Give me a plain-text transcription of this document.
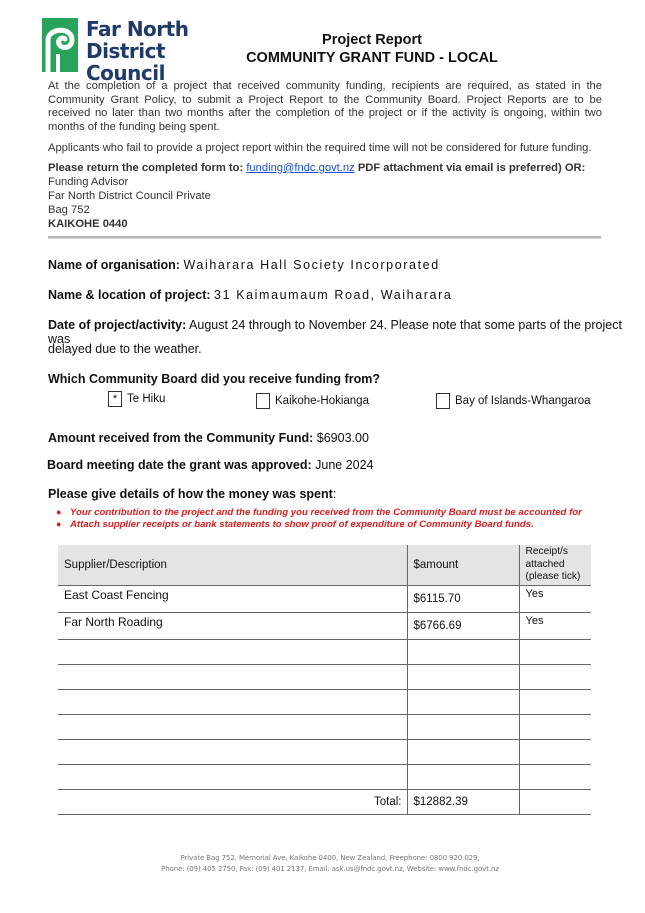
Far North
District Council
Project Report
COMMUNITY GRANT FUND - LOCAL
At the completion of a project that received community funding, recipients are required, as stated in the Community Grant Policy, to submit a Project Report to the Community Board. Project Reports are to be received no later than two months after the completion of the project or if the activity is ongoing, within two months of the funding being spent.
Applicants who fail to provide a project report within the required time will not be considered for future funding.
Please return the completed form to: funding@fndc.govt.nz PDF attachment via email is preferred) OR:
Funding Advisor
Far North District Council Private
Bag 752
KAIKOHE 0440
Name of organisation: Waiharara Hall Society Incorporated
Name & location of project: 31 Kaimaumaum Road, Waiharara
Date of project/activity: August 24 through to November 24. Please note that some parts of the project was
delayed due to the weather.
Which Community Board did you receive funding from?
* Te Hiku	Kaikohe-Hokianga	Bay of Islands-Whangaroa
Amount received from the Community Fund: $6903.00
Board meeting date the grant was approved: June 2024
Please give details of how the money was spent:
● Your contribution to the project and the funding you received from the Community Board must be accounted for
● Attach supplier receipts or bank statements to show proof of expenditure of Community Board funds.
Supplier/Description	$amount	Receipt/s
attached
(please tick)

East Coast Fencing	$6115.70	Yes
Far North Roading	$6766.69	Yes

Total:	$12882.39	
Private Bag 752, Memorial Ave, Kaikohe 0400, New Zealand, Freephone: 0800 920 029,
Phone: (09) 405 2750, Fax: (09) 401 2137, Email: ask.us@fndc.govt.nz, Website: www.fndc.govt.nz
